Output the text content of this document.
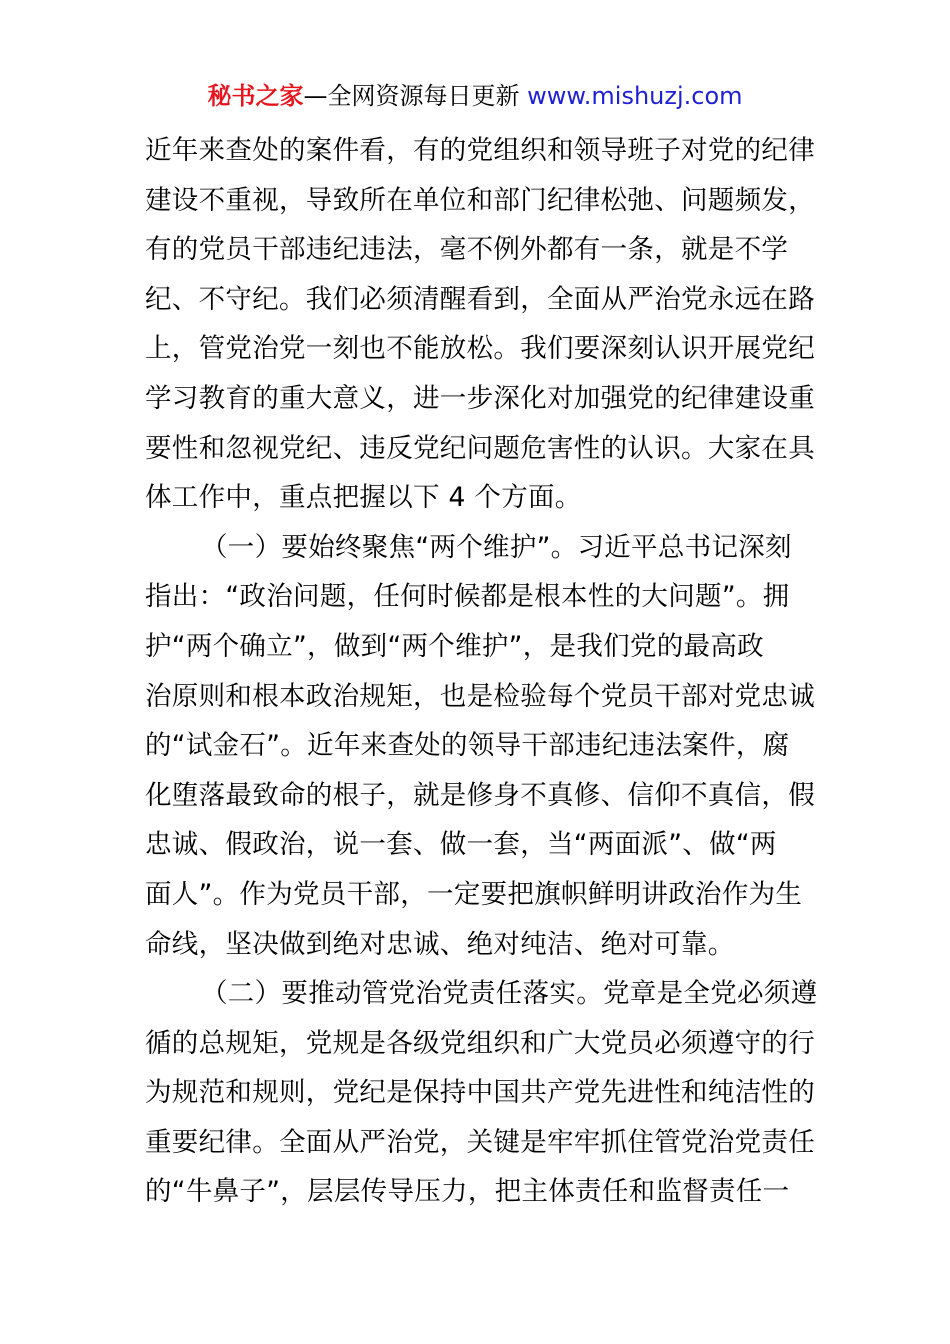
秘书之家—全网资源每日更新 www.mishuzj.com
近年来查处的案件看，有的党组织和领导班子对党的纪律
建设不重视，导致所在单位和部门纪律松弛、问题频发，
有的党员干部违纪违法，毫不例外都有一条，就是不学
纪、不守纪。我们必须清醒看到，全面从严治党永远在路
上，管党治党一刻也不能放松。我们要深刻认识开展党纪
学习教育的重大意义，进一步深化对加强党的纪律建设重
要性和忽视党纪、违反党纪问题危害性的认识。大家在具
体工作中，重点把握以下 4 个方面。
（一）要始终聚焦“两个维护”。习近平总书记深刻
指出：“政治问题，任何时候都是根本性的大问题”。拥
护“两个确立”，做到“两个维护”，是我们党的最高政
治原则和根本政治规矩，也是检验每个党员干部对党忠诚
的“试金石”。近年来查处的领导干部违纪违法案件，腐
化堕落最致命的根子，就是修身不真修、信仰不真信，假
忠诚、假政治，说一套、做一套，当“两面派”、做“两
面人”。作为党员干部，一定要把旗帜鲜明讲政治作为生
命线，坚决做到绝对忠诚、绝对纯洁、绝对可靠。
（二）要推动管党治党责任落实。党章是全党必须遵
循的总规矩，党规是各级党组织和广大党员必须遵守的行
为规范和规则，党纪是保持中国共产党先进性和纯洁性的
重要纪律。全面从严治党，关键是牢牢抓住管党治党责任
的“牛鼻子”，层层传导压力，把主体责任和监督责任一
